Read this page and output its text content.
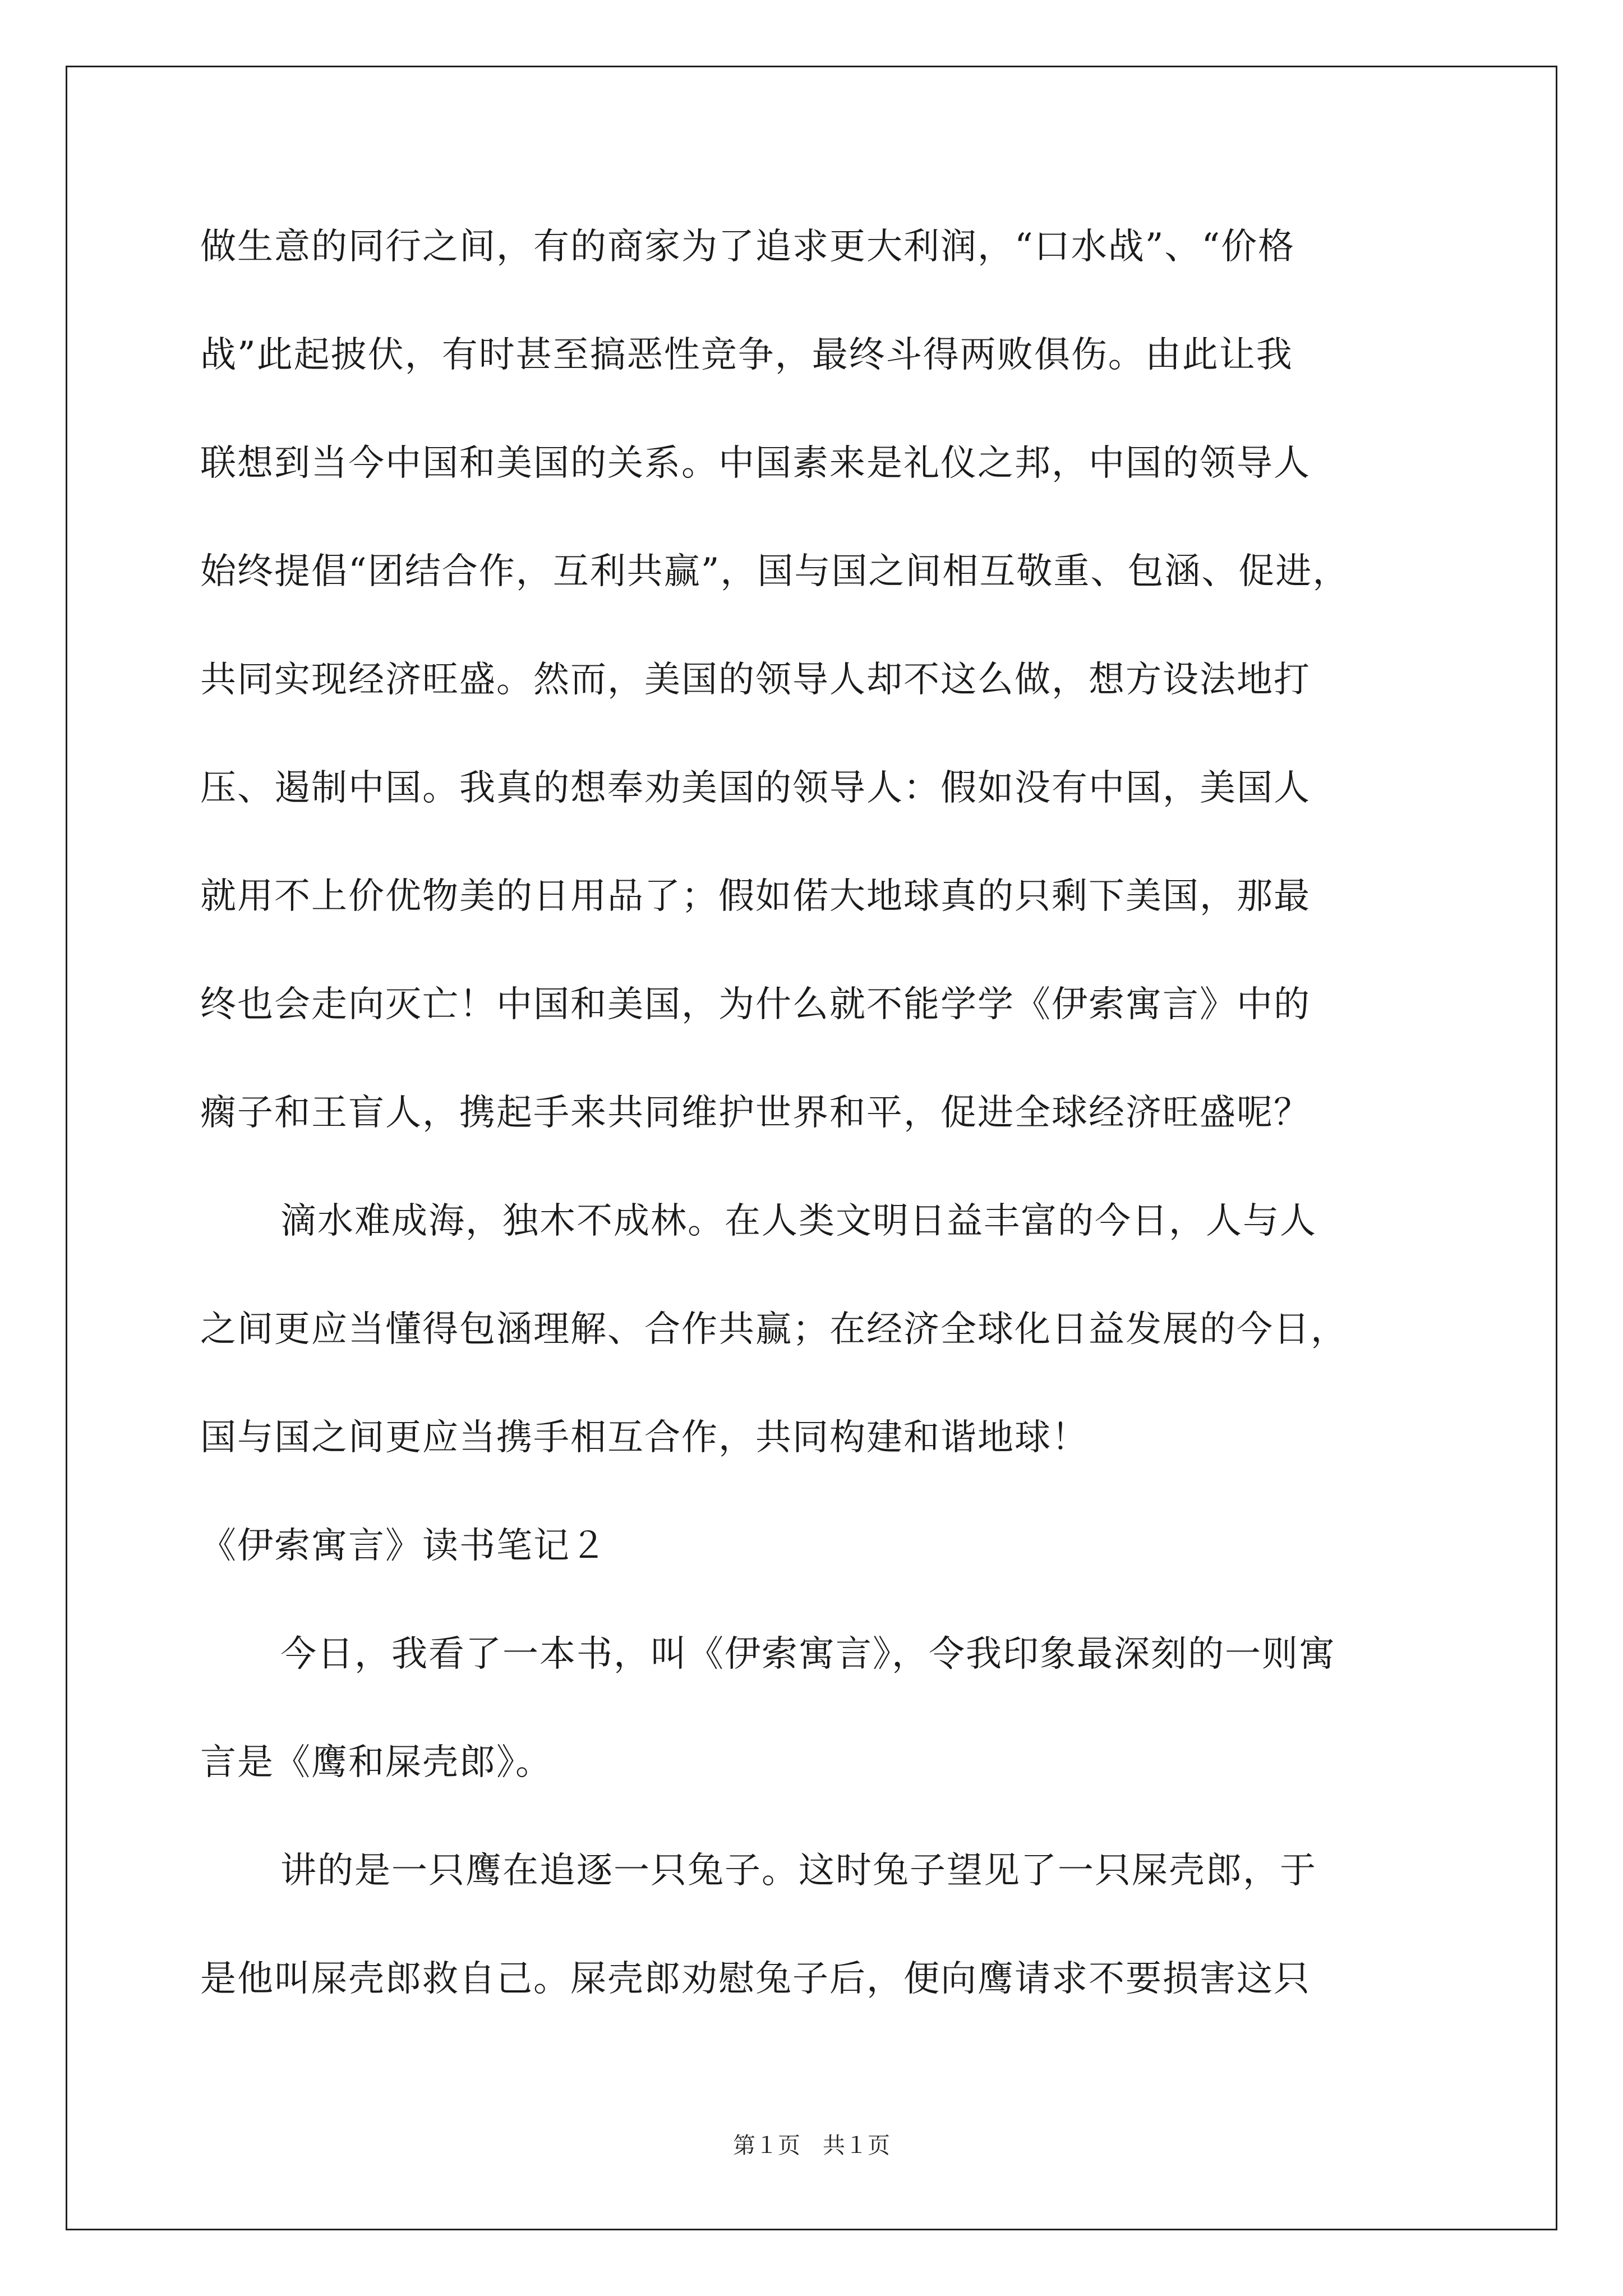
做生意的同行之间，有的商家为了追求更大利润，“口水战”、“价格
战”此起披伏，有时甚至搞恶性竞争，最终斗得两败俱伤。由此让我
联想到当今中国和美国的关系。中国素来是礼仪之邦，中国的领导人
始终提倡“团结合作，互利共赢”，国与国之间相互敬重、包涵、促进，
共同实现经济旺盛。然而，美国的领导人却不这么做，想方设法地打
压、遏制中国。我真的想奉劝美国的领导人：假如没有中国，美国人
就用不上价优物美的日用品了；假如偌大地球真的只剩下美国，那最
终也会走向灭亡！中国和美国，为什么就不能学学《伊索寓言》中的
瘸子和王盲人，携起手来共同维护世界和平，促进全球经济旺盛呢？
滴水难成海，独木不成林。在人类文明日益丰富的今日，人与人
之间更应当懂得包涵理解、合作共赢；在经济全球化日益发展的今日，
国与国之间更应当携手相互合作，共同构建和谐地球！
《伊索寓言》读书笔记２
今日，我看了一本书，叫《伊索寓言》，令我印象最深刻的一则寓
言是《鹰和屎壳郎》。
讲的是一只鹰在追逐一只兔子。这时兔子望见了一只屎壳郎，于
是他叫屎壳郎救自己。屎壳郎劝慰兔子后，便向鹰请求不要损害这只
第１页　共１页
